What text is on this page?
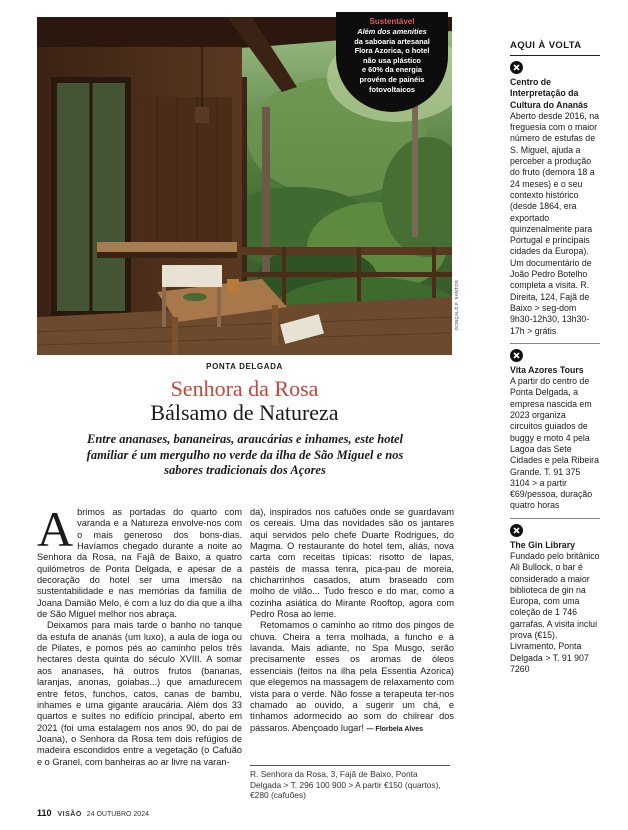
GONÇALO F. SANTOS
Sustentável
Além dos amenities
da saboaria artesanal
Flora Azorica, o hotel
não usa plástico
e 60% da energia
provém de painéis
fotovoltaicos
PONTA DELGADA
Senhora da Rosa
Bálsamo de Natureza
Entre ananases, bananeiras, araucárias e inhames, este hotel familiar é um mergulho no verde da ilha de São Miguel e nos sabores tradicionais dos Açores

Abrimos as portadas do quarto com varanda e a Natureza envolve-nos com o mais generoso dos bons-dias. Havíamos chegado durante a noite ao Senhora da Rosa, na Fajã de Baixo, a quatro quilómetros de Ponta Delgada, e apesar de a decoração do hotel ser uma imersão na sustentabilidade e nas memórias da família de Joana Damião Melo, é com a luz do dia que a ilha de São Miguel melhor nos abraça.

Deixamos para mais tarde o banho no tanque da estufa de ananás (um luxo), a aula de ioga ou de Pilates, e pomos pés ao caminho pelos três hectares desta quinta do século XVIII. A somar aos ananases, há outros frutos (bananas, laranjas, anonas, goiabas...) que amadurecem entre fetos, funchos, catos, canas de bambu, inhames e uma gigante araucária. Além dos 33 quartos e suítes no edifício principal, aberto em 2021 (foi uma estalagem nos anos 90, do pai de Joana), o Senhora da Rosa tem dois refúgios de madeira escondidos entre a vegetação (o Cafuão e o Granel, com banheiras ao ar livre na varan-

da), inspirados nos cafuões onde se guardavam os cereais. Uma das novidades são os jantares aqui servidos pelo chefe Duarte Rodrigues, do Magma. O restaurante do hotel tem, aliás, nova carta com receitas típicas: risotto de lapas, pastéis de massa tenra, pica-pau de moreia, chicharrinhos casados, atum braseado com molho de vilão... Tudo fresco e do mar, como a cozinha asiática do Mirante Rooftop, agora com Pedro Rosa ao leme.

Retomamos o caminho ao ritmo dos pingos de chuva. Cheira a terra molhada, a funcho e a lavanda. Mais adiante, no Spa Musgo, serão precisamente esses os aromas de óleos essenciais (feitos na ilha pela Essentia Azorica) que elegemos na massagem de relaxamento com vista para o verde. Não fosse a terapeuta ter-nos chamado ao ouvido, a sugerir um chá, e tínhamos adormecido ao som do chilrear dos pássaros. Abençoado lugar! — Florbela Alves

R. Senhora da Rosa, 3, Fajã de Baixo, Ponta Delgada > T. 296 100 900 > A partir €150 (quartos), €280 (cafuões)
110 VISÃO 24 OUTUBRO 2024
AQUI À VOLTA
Centro de Interpretação da Cultura do Ananás
Aberto desde 2016, na freguesia com o maior número de estufas de S. Miguel, ajuda a perceber a produção do fruto (demora 18 a 24 meses) e o seu contexto histórico (desde 1864, era exportado quinzenalmente para Portugal e principais cidades da Europa). Um documentário de João Pedro Botelho completa a visita. R. Direita, 124, Fajã de Baixo > seg-dom 9h30-12h30, 13h30-17h > grátis
Vita Azores Tours
A partir do centro de Ponta Delgada, a empresa nascida em 2023 organiza circuitos guiados de buggy e moto 4 pela Lagoa das Sete Cidades e pela Ribeira Grande. T. 91 375 3104 > a partir €69/pessoa, duração quatro horas
The Gin Library
Fundado pelo britânico Ali Bullock, o bar é considerado a maior biblioteca de gin na Europa, com uma coleção de 1 746 garrafas. A visita inclui prova (€15). Livramento, Ponta Delgada > T. 91 907 7260
